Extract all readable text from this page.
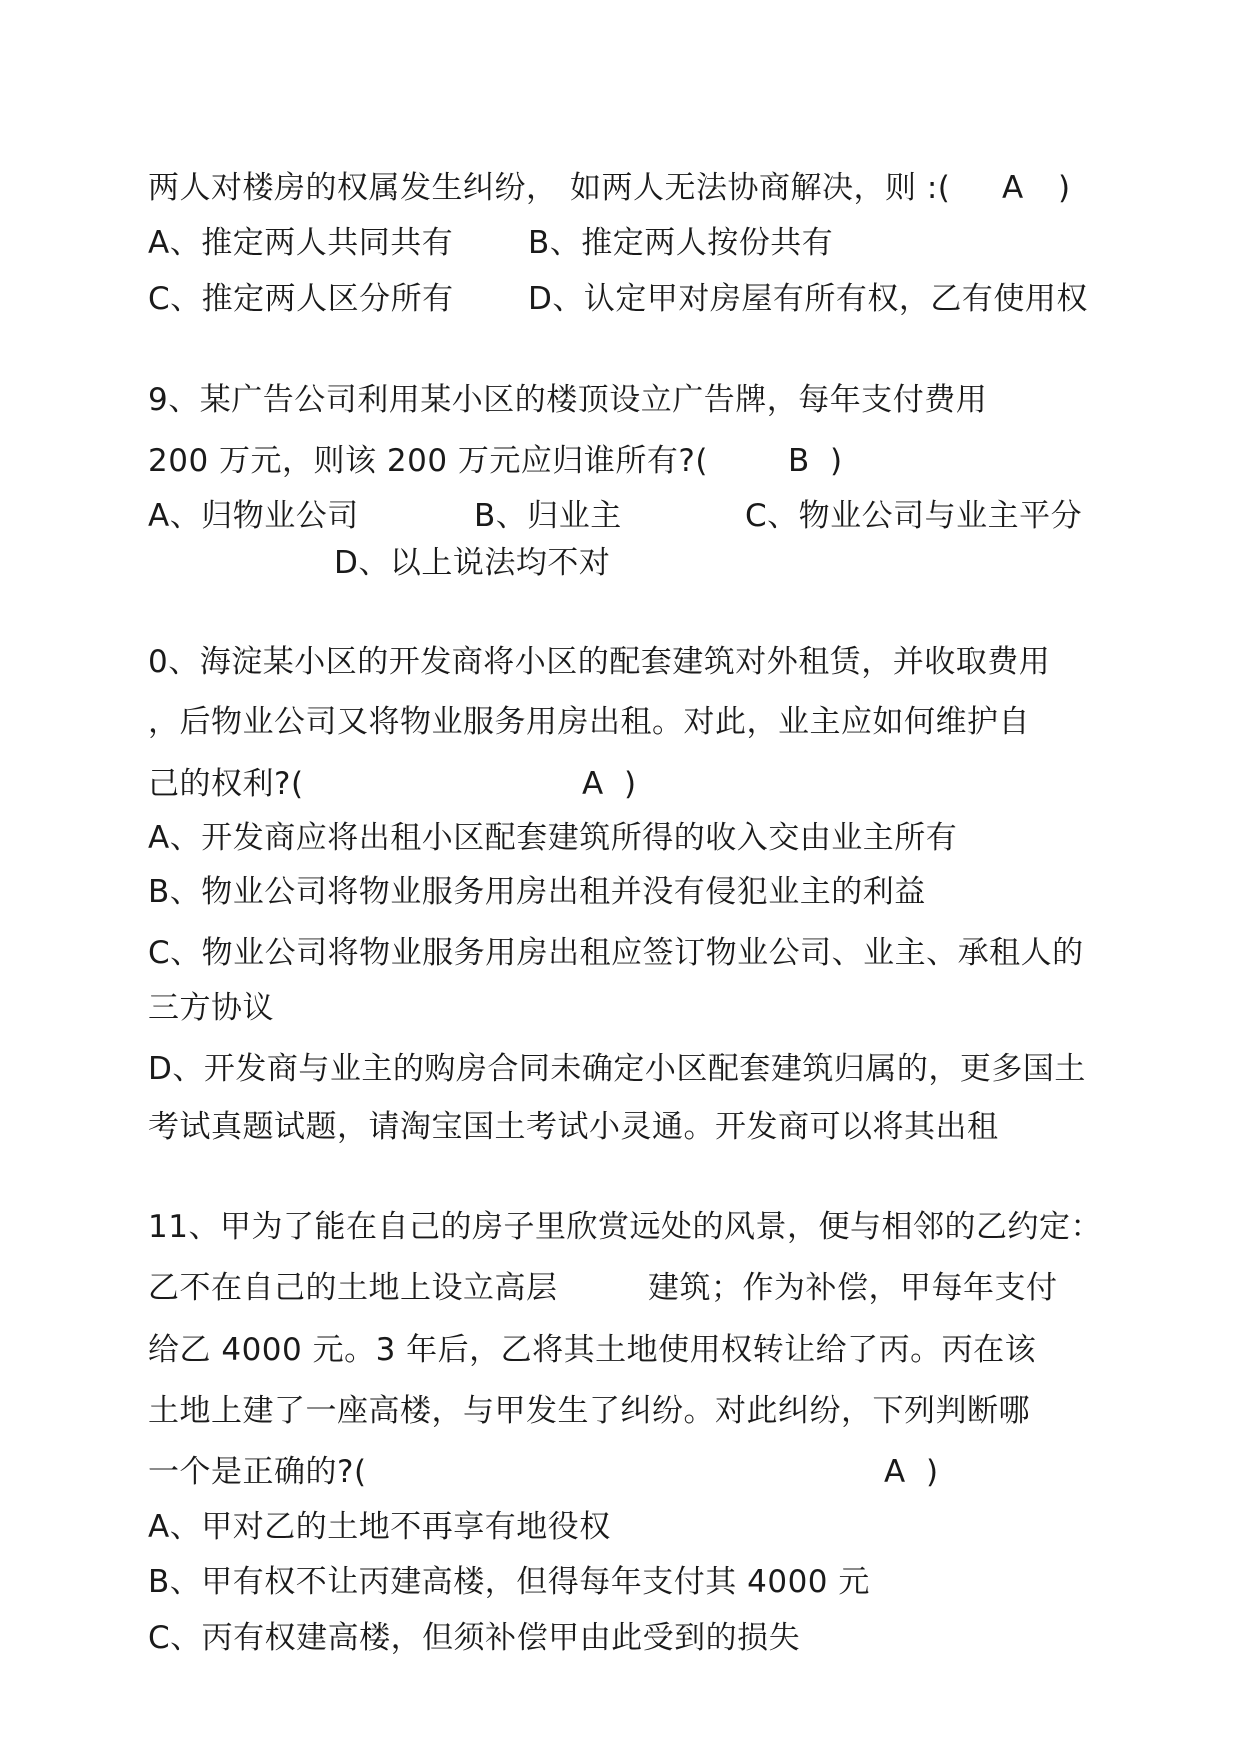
两人对楼房的权属发生纠纷， 如两人无法协商解决，则 :( A )
A、推定两人共同共有 B、推定两人按份共有
C、推定两人区分所有 D、认定甲对房屋有所有权，乙有使用权
9、某广告公司利用某小区的楼顶设立广告牌，每年支付费用
200 万元，则该 200 万元应归谁所有?(	B )
A、归物业公司	B、归业主	C、物业公司与业主平分
D、以上说法均不对
0、海淀某小区的开发商将小区的配套建筑对外租赁，并收取费用
，后物业公司又将物业服务用房出租。对此，业主应如何维护自
己的权利?(	A )
A、开发商应将出租小区配套建筑所得的收入交由业主所有
B、物业公司将物业服务用房出租并没有侵犯业主的利益
C、物业公司将物业服务用房出租应签订物业公司、业主、承租人的
三方协议
D、开发商与业主的购房合同未确定小区配套建筑归属的，更多国土
考试真题试题，请淘宝国土考试小灵通。开发商可以将其出租
11、甲为了能在自己的房子里欣赏远处的风景，便与相邻的乙约定：
乙不在自己的土地上设立高层	建筑；作为补偿，甲每年支付
给乙 4000 元。3 年后，乙将其土地使用权转让给了丙。丙在该
土地上建了一座高楼，与甲发生了纠纷。对此纠纷，下列判断哪
一个是正确的?(	A )
A、甲对乙的土地不再享有地役权
B、甲有权不让丙建高楼，但得每年支付其 4000 元
C、丙有权建高楼，但须补偿甲由此受到的损失
